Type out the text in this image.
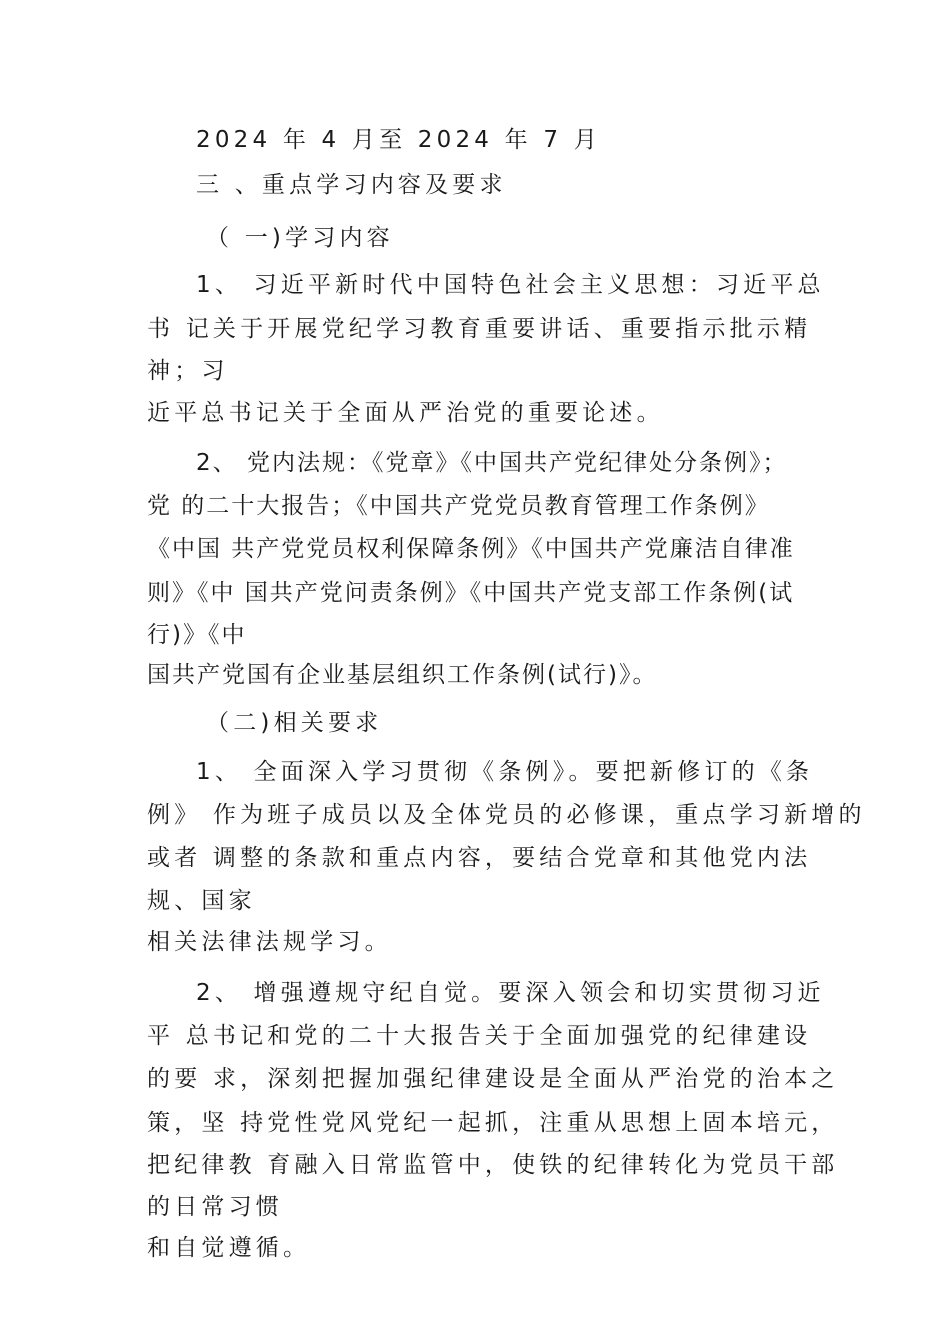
2024 年 4 月至 2024 年 7 月
三 、重点学习内容及要求
（ 一)学习内容
1、 习近平新时代中国特色社会主义思想：习近平总
书 记关于开展党纪学习教育重要讲话、重要指示批示精
神；习
近平总书记关于全面从严治党的重要论述。
2、 党内法规：《党章》《中国共产党纪律处分条例》；
党 的二十大报告；《中国共产党党员教育管理工作条例》
《中国 共产党党员权利保障条例》《中国共产党廉洁自律准
则》《中 国共产党问责条例》《中国共产党支部工作条例(试
行)》《中
国共产党国有企业基层组织工作条例(试行)》。
（二)相关要求
1、 全面深入学习贯彻《条例》。要把新修订的《条
例》 作为班子成员以及全体党员的必修课，重点学习新增的
或者 调整的条款和重点内容，要结合党章和其他党内法
规、国家
相关法律法规学习。
2、 增强遵规守纪自觉。要深入领会和切实贯彻习近
平 总书记和党的二十大报告关于全面加强党的纪律建设
的要 求，深刻把握加强纪律建设是全面从严治党的治本之
策，坚 持党性党风党纪一起抓，注重从思想上固本培元，
把纪律教 育融入日常监管中，使铁的纪律转化为党员干部
的日常习惯
和自觉遵循。
